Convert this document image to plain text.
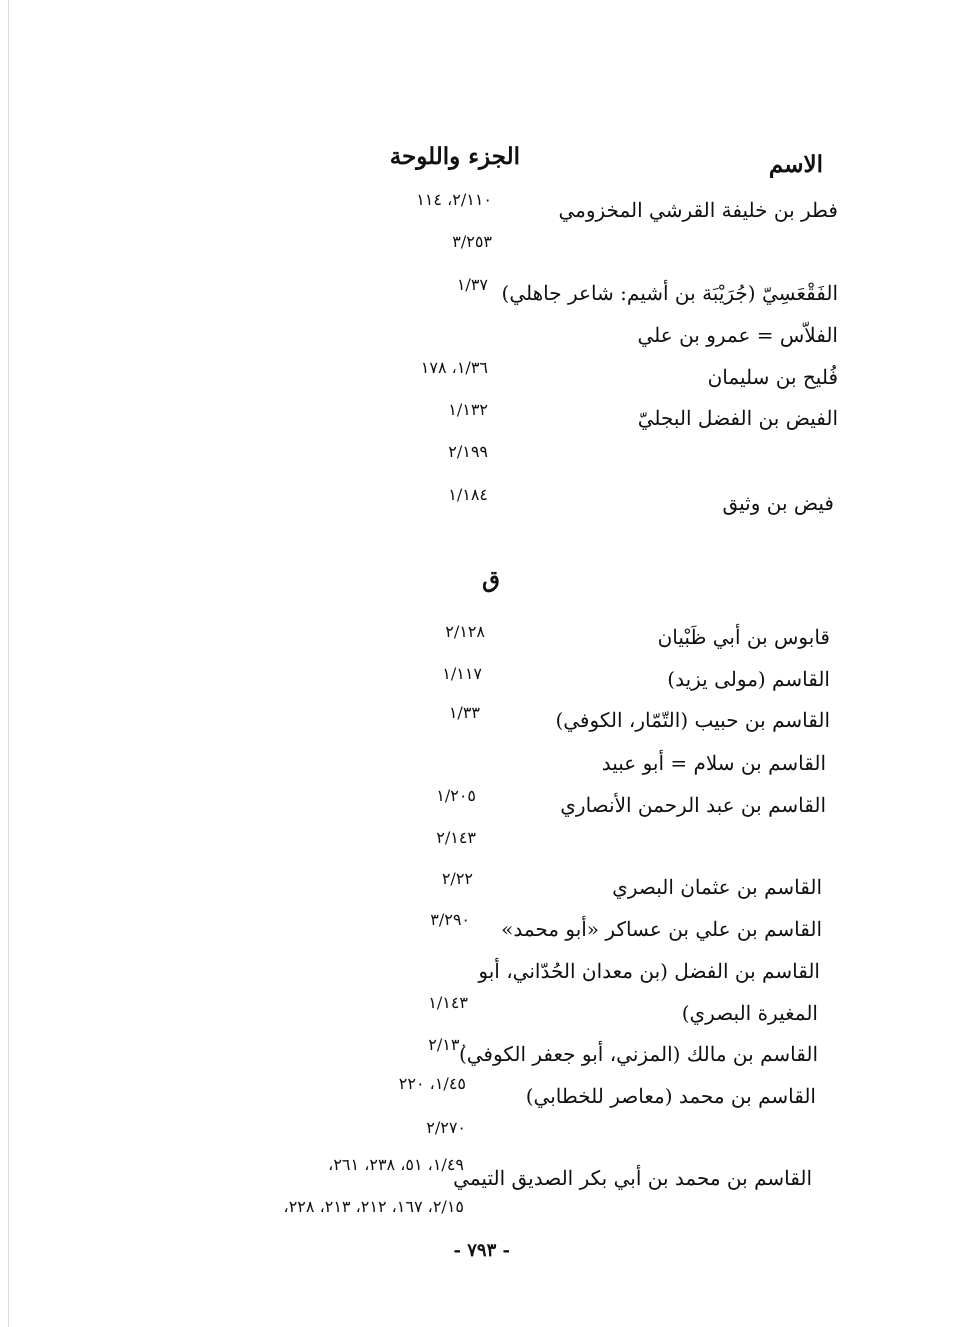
الاسم
الجزء واللوحة
فطر بن خليفة القرشي المخزومي
٢/١١٠، ١١٤
٣/٢٥٣
الفَقْعَسِيّ (جُرَيْبَة بن أشيم: شاعر جاهلي)
١/٣٧
الفلاّس = عمرو بن علي
فُليح بن سليمان
١/٣٦، ١٧٨
الفيض بن الفضل البجليّ
١/١٣٢
٢/١٩٩
فيض بن وثيق
١/١٨٤
ق
قابوس بن أبي ظَبْيان
٢/١٢٨
القاسم (مولى يزيد)
١/١١٧
القاسم بن حبيب (التّمّار، الكوفي)
١/٣٣
القاسم بن سلام = أبو عبيد
القاسم بن عبد الرحمن الأنصاري
١/٢٠٥
٢/١٤٣
القاسم بن عثمان البصري
٢/٢٢
القاسم بن علي بن عساكر «أبو محمد»
٣/٢٩٠
القاسم بن الفضل (بن معدان الحُدّاني، أبو
المغيرة البصري)
١/١٤٣
القاسم بن مالك (المزني، أبو جعفر الكوفي)
٢/١٣٠
القاسم بن محمد (معاصر للخطابي)
١/٤٥، ٢٢٠
٢/٢٧٠
القاسم بن محمد بن أبي بكر الصديق التيمي
١/٤٩، ٥١، ٢٣٨، ٢٦١،
٢/١٥، ١٦٧، ٢١٢، ٢١٣، ٢٢٨،
- ٧٩٣ -
